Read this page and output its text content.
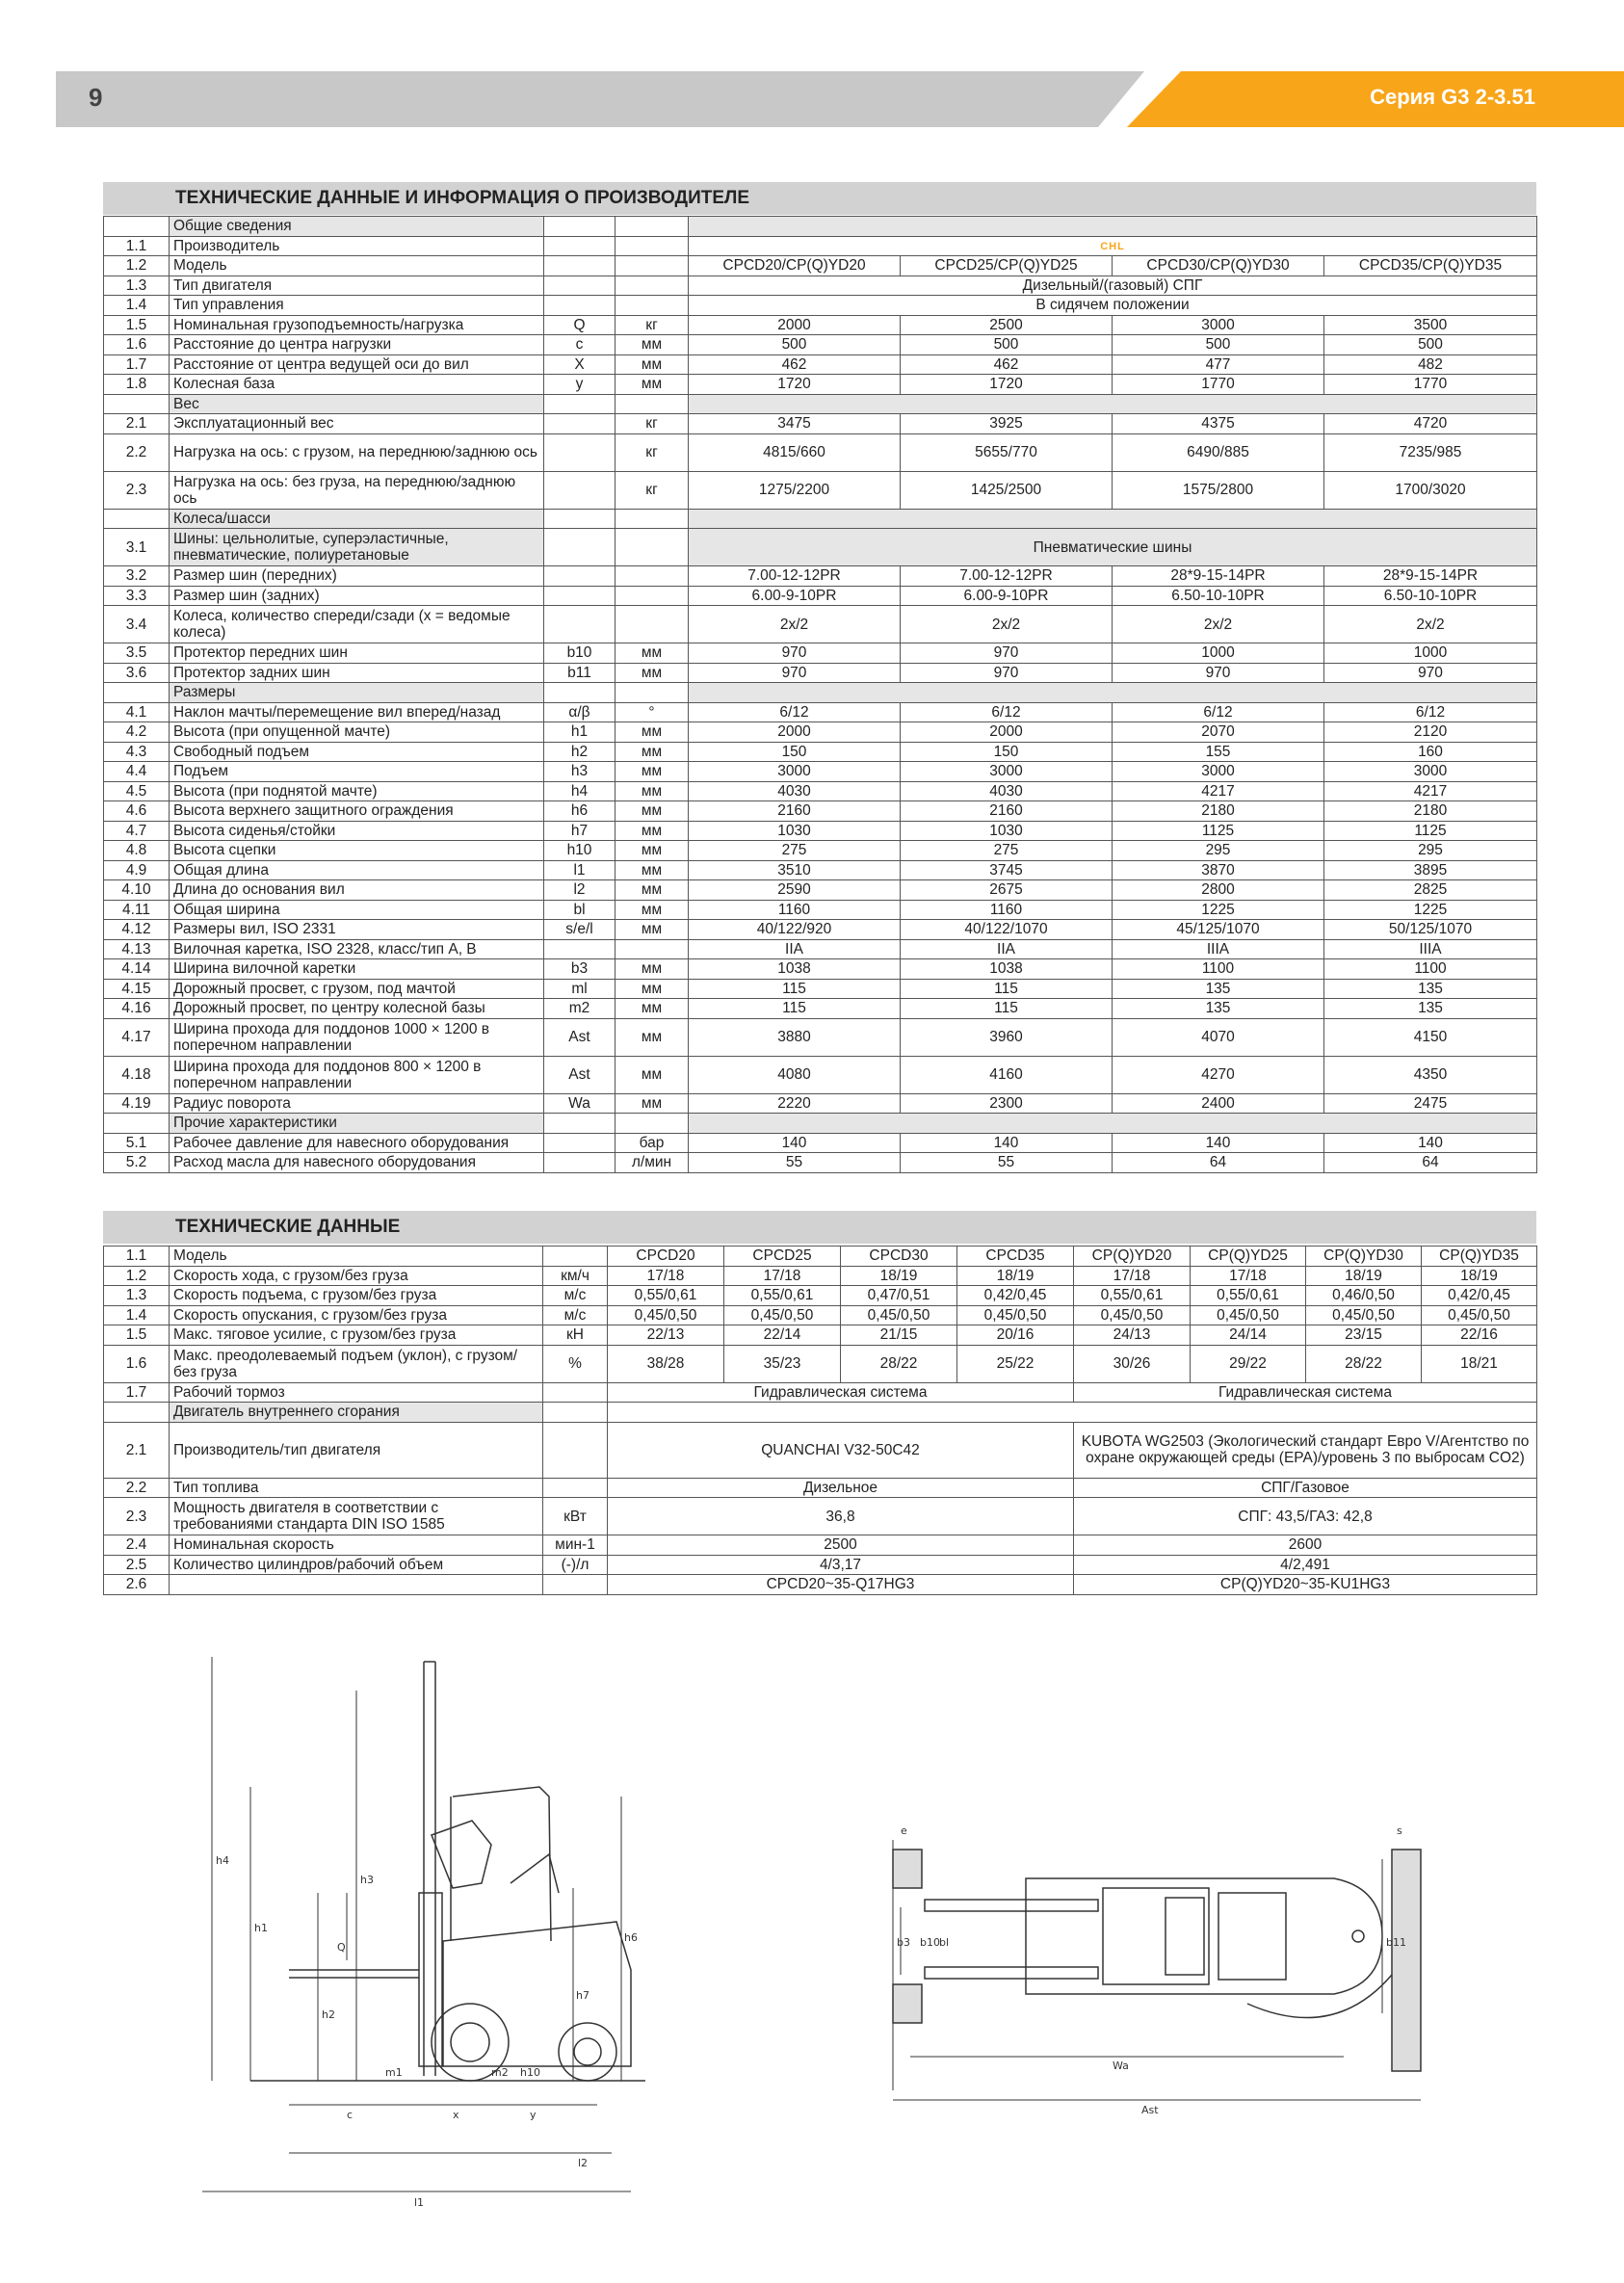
9	Серия G3 2-3.51
ТЕХНИЧЕСКИЕ ДАННЫЕ И ИНФОРМАЦИЯ О ПРОИЗВОДИТЕЛЕ
	Общие сведения						
1.1	Производитель			CHL			
1.2	Модель			CPCD20/CP(Q)YD20	CPCD25/CP(Q)YD25	CPCD30/CP(Q)YD30	CPCD35/CP(Q)YD35
1.3	Тип двигателя			Дизельный/(газовый) СПГ			
1.4	Тип управления			В сидячем положении			
1.5	Номинальная грузоподъемность/нагрузка	Q	кг	2000	2500	3000	3500
1.6	Расстояние до центра нагрузки	c	мм	500	500	500	500
1.7	Расстояние от центра ведущей оси до вил	X	мм	462	462	477	482
1.8	Колесная база	y	мм	1720	1720	1770	1770
	Вес						
2.1	Эксплуатационный вес		кг	3475	3925	4375	4720
2.2	Нагрузка на ось: с грузом, на переднюю/заднюю ось		кг	4815/660	5655/770	6490/885	7235/985
2.3	Нагрузка на ось: без груза, на переднюю/заднюю ось		кг	1275/2200	1425/2500	1575/2800	1700/3020
	Колеса/шасси						
3.1	Шины: цельнолитые, суперэластичные, пневматические, полиуретановые			Пневматические шины			
3.2	Размер шин (передних)			7.00-12-12PR	7.00-12-12PR	28*9-15-14PR	28*9-15-14PR
3.3	Размер шин (задних)			6.00-9-10PR	6.00-9-10PR	6.50-10-10PR	6.50-10-10PR
3.4	Колеса, количество спереди/сзади (x = ведомые колеса)			2x/2	2x/2	2x/2	2x/2
3.5	Протектор передних шин	b10	мм	970	970	1000	1000
3.6	Протектор задних шин	b11	мм	970	970	970	970
	Размеры						
4.1	Наклон мачты/перемещение вил вперед/назад	α/β	°	6/12	6/12	6/12	6/12
4.2	Высота (при опущенной мачте)	h1	мм	2000	2000	2070	2120
4.3	Свободный подъем	h2	мм	150	150	155	160
4.4	Подъем	h3	мм	3000	3000	3000	3000
4.5	Высота (при поднятой мачте)	h4	мм	4030	4030	4217	4217
4.6	Высота верхнего защитного ограждения	h6	мм	2160	2160	2180	2180
4.7	Высота сиденья/стойки	h7	мм	1030	1030	1125	1125
4.8	Высота сцепки	h10	мм	275	275	295	295
4.9	Общая длина	l1	мм	3510	3745	3870	3895
4.10	Длина до основания вил	l2	мм	2590	2675	2800	2825
4.11	Общая ширина	bl	мм	1160	1160	1225	1225
4.12	Размеры вил, ISO 2331	s/e/l	мм	40/122/920	40/122/1070	45/125/1070	50/125/1070
4.13	Вилочная каретка, ISO 2328, класс/тип A, B			IIA	IIA	IIIA	IIIA
4.14	Ширина вилочной каретки	b3	мм	1038	1038	1100	1100
4.15	Дорожный просвет, с грузом, под мачтой	ml	мм	115	115	135	135
4.16	Дорожный просвет, по центру колесной базы	m2	мм	115	115	135	135
4.17	Ширина прохода для поддонов 1000 × 1200 в поперечном направлении	Ast	мм	3880	3960	4070	4150
4.18	Ширина прохода для поддонов 800 × 1200 в поперечном направлении	Ast	мм	4080	4160	4270	4350
4.19	Радиус поворота	Wa	мм	2220	2300	2400	2475
	Прочие характеристики						
5.1	Рабочее давление для навесного оборудования		бар	140	140	140	140
5.2	Расход масла для навесного оборудования		л/мин	55	55	64	64
ТЕХНИЧЕСКИЕ ДАННЫЕ
1.1	Модель		CPCD20	CPCD25	CPCD30	CPCD35	CP(Q)YD20	CP(Q)YD25	CP(Q)YD30	CP(Q)YD35
1.2	Скорость хода, с грузом/без груза	км/ч	17/18	17/18	18/19	18/19	17/18	17/18	18/19	18/19
1.3	Скорость подъема, с грузом/без груза	м/с	0,55/0,61	0,55/0,61	0,47/0,51	0,42/0,45	0,55/0,61	0,55/0,61	0,46/0,50	0,42/0,45
1.4	Скорость опускания, с грузом/без груза	м/с	0,45/0,50	0,45/0,50	0,45/0,50	0,45/0,50	0,45/0,50	0,45/0,50	0,45/0,50	0,45/0,50
1.5	Макс. тяговое усилие, с грузом/без груза	кН	22/13	22/14	21/15	20/16	24/13	24/14	23/15	22/16
1.6	Макс. преодолеваемый подъем (уклон), с грузом/без груза	%	38/28	35/23	28/22	25/22	30/26	29/22	28/22	18/21
1.7	Рабочий тормоз		Гидравлическая система				Гидравлическая система			
	Двигатель внутреннего сгорания									
2.1	Производитель/тип двигателя		QUANCHAI V32-50C42				KUBOTA WG2503 (Экологический стандарт Евро V/Агентство по охране окружающей среды (EPA)/уровень 3 по выбросам CO2)			
2.2	Тип топлива		Дизельное				СПГ/Газовое			
2.3	Мощность двигателя в соответствии с требованиями стандарта DIN ISO 1585	кВт	36,8				СПГ: 43,5/ГАЗ: 42,8			
2.4	Номинальная скорость	мин-1	2500				2600			
2.5	Количество цилиндров/рабочий объем	(-)/л	4/3,17				4/2,491			
2.6			CPCD20~35-Q17HG3				CP(Q)YD20~35-KU1HG3			
h4
h1
h6
h7
h3
h2
h10
Q
c	x	y
l2
l1
m1	m2
b3 b10 bl	b11
Wa
Ast
e	s
